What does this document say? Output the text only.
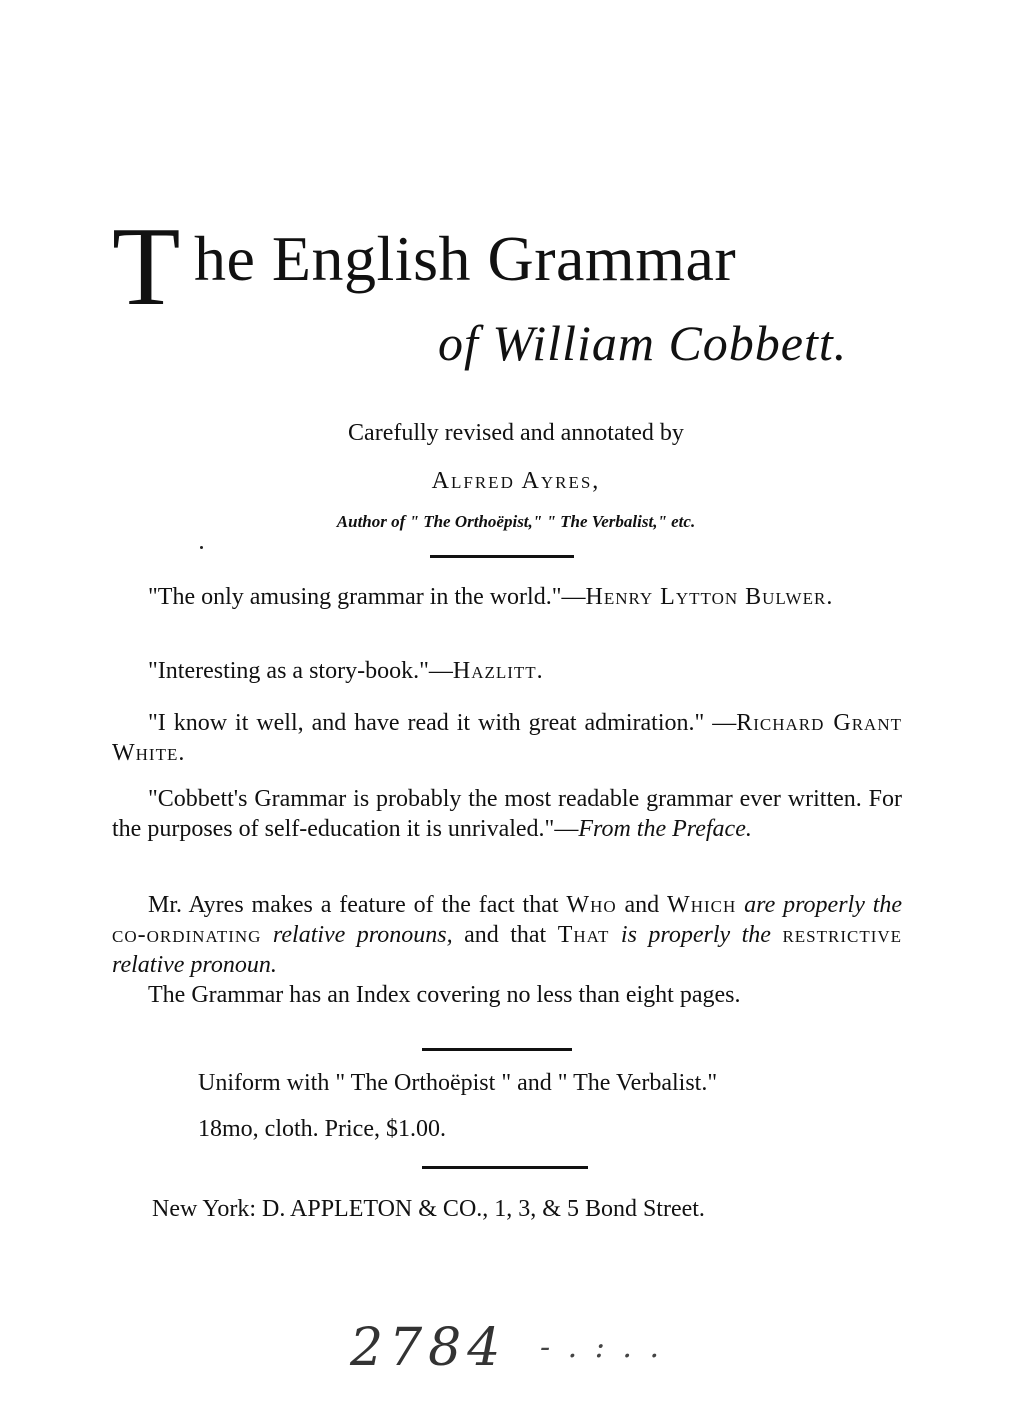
T he English Grammar
of William Cobbett.
Carefully revised and annotated by
Alfred Ayres,
Author of " The Orthoëpist," " The Verbalist," etc.
"The only amusing grammar in the world."—Henry Lytton Bulwer.
"Interesting as a story-book."—Hazlitt.
"I know it well, and have read it with great admiration." —Richard Grant White.
"Cobbett's Grammar is probably the most readable grammar ever written. For the purposes of self-education it is unrivaled."—From the Preface.
Mr. Ayres makes a feature of the fact that Who and Which are properly the co-ordinating relative pronouns, and that That is properly the restrictive relative pronoun.
The Grammar has an Index covering no less than eight pages.
Uniform with " The Orthoëpist " and " The Verbalist."
18mo, cloth. Price, $1.00.
New York: D. APPLETON & CO., 1, 3, & 5 Bond Street.
2784 - . : . .
